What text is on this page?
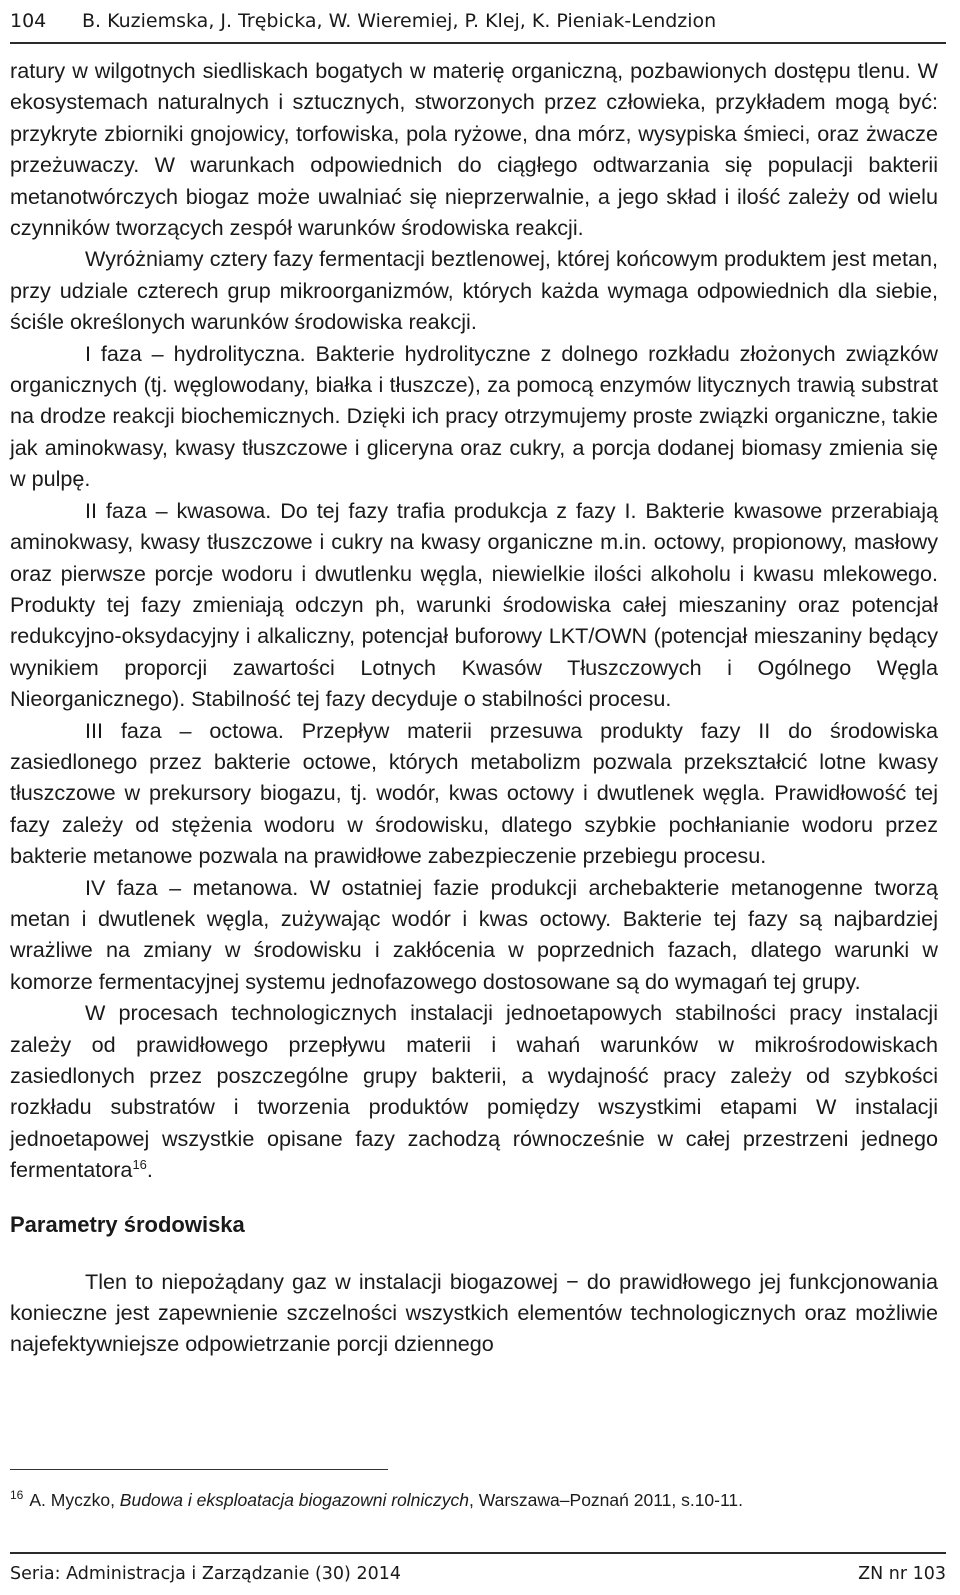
104	B. Kuziemska, J. Trębicka, W. Wieremiej, P. Klej, K. Pieniak-Lendzion

ratury w wilgotnych siedliskach bogatych w materię organiczną, pozbawionych dostępu tlenu. W ekosystemach naturalnych i sztucznych, stworzonych przez człowieka, przykładem mogą być: przykryte zbiorniki gnojowicy, torfowiska, pola ryżowe, dna mórz, wysypiska śmieci, oraz żwacze przeżuwaczy. W warunkach odpowiednich do ciągłego odtwarzania się populacji bakterii metanotwórczych biogaz może uwalniać się nieprzerwalnie, a jego skład i ilość zależy od wielu czynników tworzących zespół warunków środowiska reakcji.

Wyróżniamy cztery fazy fermentacji beztlenowej, której końcowym produktem jest metan, przy udziale czterech grup mikroorganizmów, których każda wymaga odpowiednich dla siebie, ściśle określonych warunków środowiska reakcji.

I faza – hydrolityczna. Bakterie hydrolityczne z dolnego rozkładu złożonych związków organicznych (tj. węglowodany, białka i tłuszcze), za pomocą enzymów litycznych trawią substrat na drodze reakcji biochemicznych. Dzięki ich pracy otrzymujemy proste związki organiczne, takie jak aminokwasy, kwasy tłuszczowe i gliceryna oraz cukry, a porcja dodanej biomasy zmienia się w pulpę.

II faza – kwasowa. Do tej fazy trafia produkcja z fazy I. Bakterie kwasowe przerabiają aminokwasy, kwasy tłuszczowe i cukry na kwasy organiczne m.in. octowy, propionowy, masłowy oraz pierwsze porcje wodoru i dwutlenku węgla, niewielkie ilości alkoholu i kwasu mlekowego. Produkty tej fazy zmieniają odczyn ph, warunki środowiska całej mieszaniny oraz potencjał redukcyjno-oksydacyjny i alkaliczny, potencjał buforowy LKT/OWN (potencjał mieszaniny będący wynikiem proporcji zawartości Lotnych Kwasów Tłuszczowych i Ogólnego Węgla Nieorganicznego). Stabilność tej fazy decyduje o stabilności procesu.

III faza – octowa. Przepływ materii przesuwa produkty fazy II do środowiska zasiedlonego przez bakterie octowe, których metabolizm pozwala przekształcić lotne kwasy tłuszczowe w prekursory biogazu, tj. wodór, kwas octowy i dwutlenek węgla. Prawidłowość tej fazy zależy od stężenia wodoru w środowisku, dlatego szybkie pochłanianie wodoru przez bakterie metanowe pozwala na prawidłowe zabezpieczenie przebiegu procesu.

IV faza – metanowa. W ostatniej fazie produkcji archebakterie metanogenne tworzą metan i dwutlenek węgla, zużywając wodór i kwas octowy. Bakterie tej fazy są najbardziej wrażliwe na zmiany w środowisku i zakłócenia w poprzednich fazach, dlatego warunki w komorze fermentacyjnej systemu jednofazowego dostosowane są do wymagań tej grupy.

W procesach technologicznych instalacji jednoetapowych stabilności pracy instalacji zależy od prawidłowego przepływu materii i wahań warunków w mikrośrodowiskach zasiedlonych przez poszczególne grupy bakterii, a wydajność pracy zależy od szybkości rozkładu substratów i tworzenia produktów pomiędzy wszystkimi etapami W instalacji jednoetapowej wszystkie opisane fazy zachodzą równocześnie w całej przestrzeni jednego fermentatora$^{16}$.

Parametry środowiska

Tlen to niepożądany gaz w instalacji biogazowej − do prawidłowego jej funkcjonowania konieczne jest zapewnienie szczelności wszystkich elementów technologicznych oraz możliwie najefektywniejsze odpowietrzanie porcji dziennego

$^{16}$ A. Myczko, Budowa i eksploatacja biogazowni rolniczych, Warszawa–Poznań 2011, s.10-11.
Seria: Administracja i Zarządzanie (30) 2014	ZN nr 103
